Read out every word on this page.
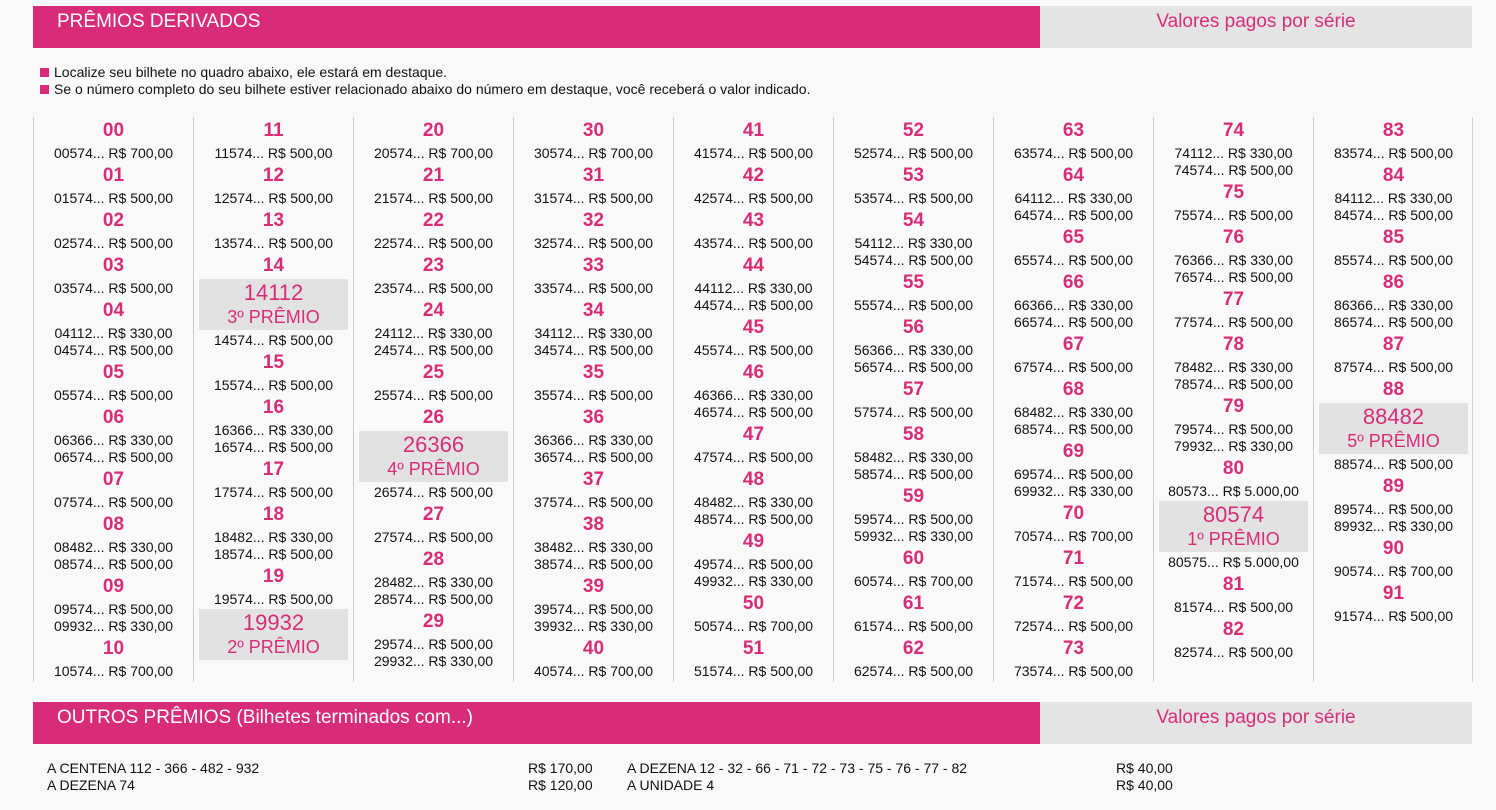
PRÊMIOS DERIVADOS	Valores pagos por série
Localize seu bilhete no quadro abaixo, ele estará em destaque.
Se o número completo do seu bilhete estiver relacionado abaixo do número em destaque, você receberá o valor indicado.
00
00574... R$ 700,00
01
01574... R$ 500,00
02
02574... R$ 500,00
03
03574... R$ 500,00
04
04112... R$ 330,00
04574... R$ 500,00
05
05574... R$ 500,00
06
06366... R$ 330,00
06574... R$ 500,00
07
07574... R$ 500,00
08
08482... R$ 330,00
08574... R$ 500,00
09
09574... R$ 500,00
09932... R$ 330,00
10
10574... R$ 700,00
11
11574... R$ 500,00
12
12574... R$ 500,00
13
13574... R$ 500,00
14
14112
3º PRÊMIO
14574... R$ 500,00
15
15574... R$ 500,00
16
16366... R$ 330,00
16574... R$ 500,00
17
17574... R$ 500,00
18
18482... R$ 330,00
18574... R$ 500,00
19
19574... R$ 500,00
19932
2º PRÊMIO
20
20574... R$ 700,00
21
21574... R$ 500,00
22
22574... R$ 500,00
23
23574... R$ 500,00
24
24112... R$ 330,00
24574... R$ 500,00
25
25574... R$ 500,00
26
26366
4º PRÊMIO
26574... R$ 500,00
27
27574... R$ 500,00
28
28482... R$ 330,00
28574... R$ 500,00
29
29574... R$ 500,00
29932... R$ 330,00
30
30574... R$ 700,00
31
31574... R$ 500,00
32
32574... R$ 500,00
33
33574... R$ 500,00
34
34112... R$ 330,00
34574... R$ 500,00
35
35574... R$ 500,00
36
36366... R$ 330,00
36574... R$ 500,00
37
37574... R$ 500,00
38
38482... R$ 330,00
38574... R$ 500,00
39
39574... R$ 500,00
39932... R$ 330,00
40
40574... R$ 700,00
41
41574... R$ 500,00
42
42574... R$ 500,00
43
43574... R$ 500,00
44
44112... R$ 330,00
44574... R$ 500,00
45
45574... R$ 500,00
46
46366... R$ 330,00
46574... R$ 500,00
47
47574... R$ 500,00
48
48482... R$ 330,00
48574... R$ 500,00
49
49574... R$ 500,00
49932... R$ 330,00
50
50574... R$ 700,00
51
51574... R$ 500,00
52
52574... R$ 500,00
53
53574... R$ 500,00
54
54112... R$ 330,00
54574... R$ 500,00
55
55574... R$ 500,00
56
56366... R$ 330,00
56574... R$ 500,00
57
57574... R$ 500,00
58
58482... R$ 330,00
58574... R$ 500,00
59
59574... R$ 500,00
59932... R$ 330,00
60
60574... R$ 700,00
61
61574... R$ 500,00
62
62574... R$ 500,00
63
63574... R$ 500,00
64
64112... R$ 330,00
64574... R$ 500,00
65
65574... R$ 500,00
66
66366... R$ 330,00
66574... R$ 500,00
67
67574... R$ 500,00
68
68482... R$ 330,00
68574... R$ 500,00
69
69574... R$ 500,00
69932... R$ 330,00
70
70574... R$ 700,00
71
71574... R$ 500,00
72
72574... R$ 500,00
73
73574... R$ 500,00
74
74112... R$ 330,00
74574... R$ 500,00
75
75574... R$ 500,00
76
76366... R$ 330,00
76574... R$ 500,00
77
77574... R$ 500,00
78
78482... R$ 330,00
78574... R$ 500,00
79
79574... R$ 500,00
79932... R$ 330,00
80
80573... R$ 5.000,00
80574
1º PRÊMIO
80575... R$ 5.000,00
81
81574... R$ 500,00
82
82574... R$ 500,00
83
83574... R$ 500,00
84
84112... R$ 330,00
84574... R$ 500,00
85
85574... R$ 500,00
86
86366... R$ 330,00
86574... R$ 500,00
87
87574... R$ 500,00
88
88482
5º PRÊMIO
88574... R$ 500,00
89
89574... R$ 500,00
89932... R$ 330,00
90
90574... R$ 700,00
91
91574... R$ 500,00
OUTROS PRÊMIOS (Bilhetes terminados com...)	Valores pagos por série
A CENTENA 112 - 366 - 482 - 932
A DEZENA 74
R$ 170,00
R$ 120,00
A DEZENA 12 - 32 - 66 - 71 - 72 - 73 - 75 - 76 - 77 - 82
A UNIDADE 4
R$ 40,00
R$ 40,00
